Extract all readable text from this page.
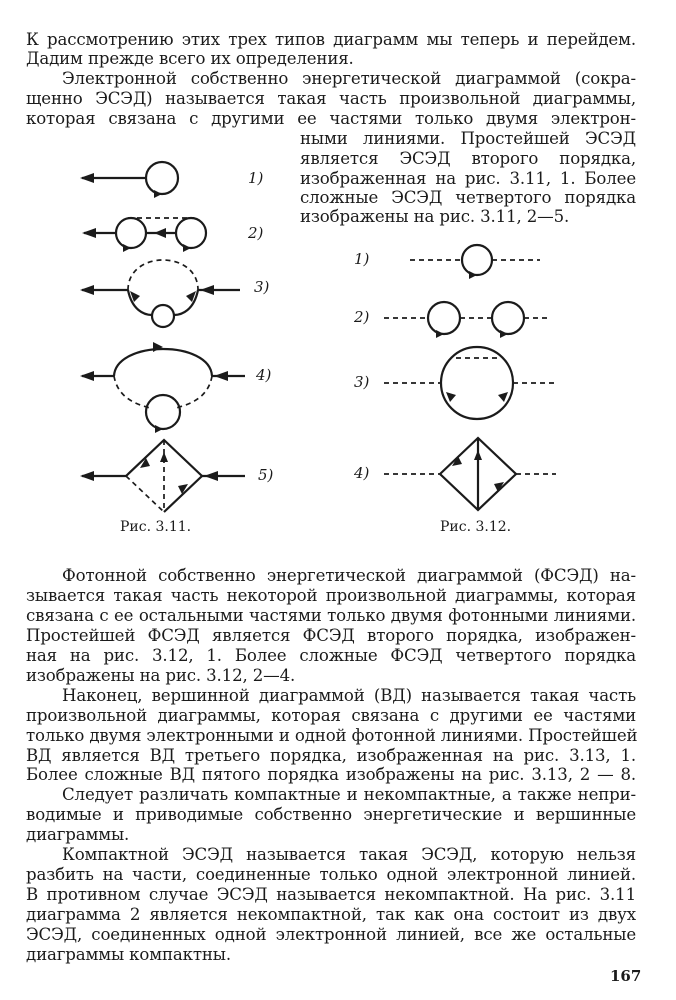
К рассмотрению этих трех типов диаграмм мы теперь и перейдем.
Дадим прежде всего их определения.
Электронной собственно энергетической диаграммой (сокра-
щенно ЭСЭД) называется такая часть произвольной диаграммы,
которая связана с другими ее частями только двумя электрон-
ными линиями. Простейшей ЭСЭД
является ЭСЭД второго порядка,
изображенная на рис. 3.11, 1. Более
сложные ЭСЭД четвертого порядка
изображены на рис. 3.11, 2—5.
1)
2)
3)
4)
5)
Рис. 3.11.
1)
2)
3)
4)
Рис. 3.12.
Фотонной собственно энергетической диаграммой (ФСЭД) на-
зывается такая часть некоторой произвольной диаграммы, которая
связана с ее остальными частями только двумя фотонными линиями.
Простейшей ФСЭД является ФСЭД второго порядка, изображен-
ная на рис. 3.12, 1. Более сложные ФСЭД четвертого порядка
изображены на рис. 3.12, 2—4.
Наконец, вершинной диаграммой (ВД) называется такая часть
произвольной диаграммы, которая связана с другими ее частями
только двумя электронными и одной фотонной линиями. Простейшей
ВД является ВД третьего порядка, изображенная на рис. 3.13, 1.
Более сложные ВД пятого порядка изображены на рис. 3.13, 2 — 8.
Следует различать компактные и некомпактные, а также непри-
водимые и приводимые собственно энергетические и вершинные
диаграммы.
Компактной ЭСЭД называется такая ЭСЭД, которую нельзя
разбить на части, соединенные только одной электронной линией.
В противном случае ЭСЭД называется некомпактной. На рис. 3.11
диаграмма 2 является некомпактной, так как она состоит из двух
ЭСЭД, соединенных одной электронной линией, все же остальные
диаграммы компактны.
167
